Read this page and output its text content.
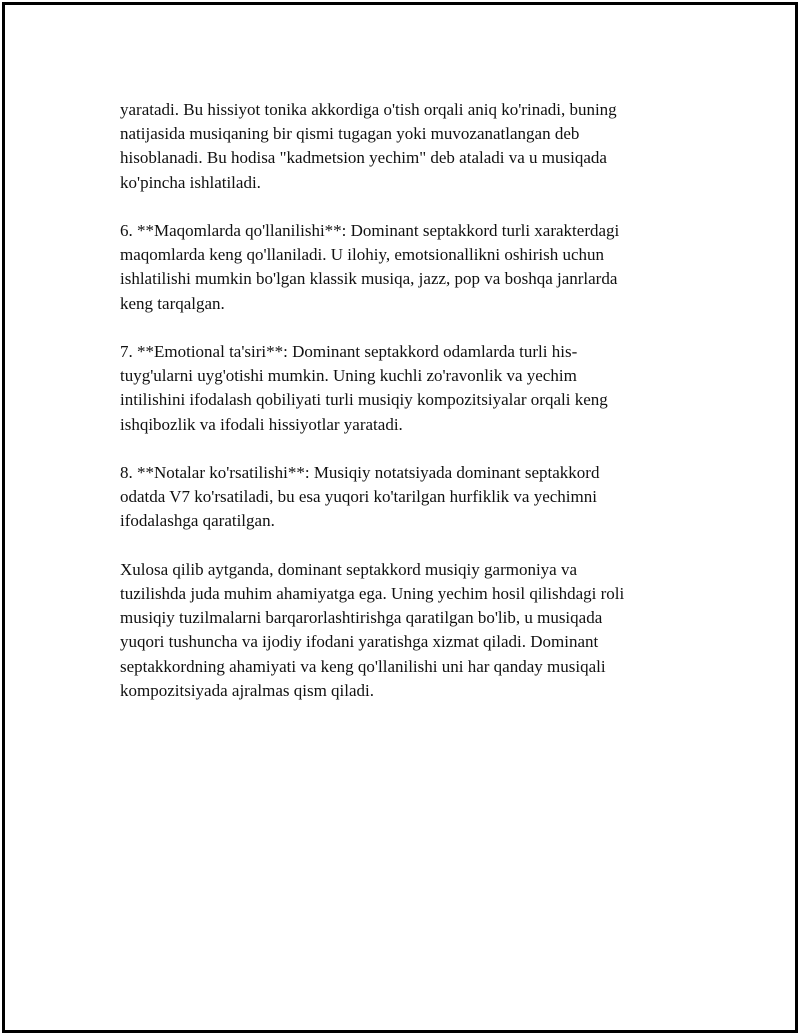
yaratadi. Bu hissiyot tonika akkordiga o'tish orqali aniq ko'rinadi, buning
natijasida musiqaning bir qismi tugagan yoki muvozanatlangan deb
hisoblanadi. Bu hodisa "kadmetsion yechim" deb ataladi va u musiqada
ko'pincha ishlatiladi.

6. **Maqomlarda qo'llanilishi**: Dominant septakkord turli xarakterdagi
maqomlarda keng qo'llaniladi. U ilohiy, emotsionallikni oshirish uchun
ishlatilishi mumkin bo'lgan klassik musiqa, jazz, pop va boshqa janrlarda
keng tarqalgan.

7. **Emotional ta'siri**: Dominant septakkord odamlarda turli his-
tuyg'ularni uyg'otishi mumkin. Uning kuchli zo'ravonlik va yechim
intilishini ifodalash qobiliyati turli musiqiy kompozitsiyalar orqali keng
ishqibozlik va ifodali hissiyotlar yaratadi.

8. **Notalar ko'rsatilishi**: Musiqiy notatsiyada dominant septakkord
odatda V7 ko'rsatiladi, bu esa yuqori ko'tarilgan hurfiklik va yechimni
ifodalashga qaratilgan.

Xulosa qilib aytganda, dominant septakkord musiqiy garmoniya va
tuzilishda juda muhim ahamiyatga ega. Uning yechim hosil qilishdagi roli
musiqiy tuzilmalarni barqarorlashtirishga qaratilgan bo'lib, u musiqada
yuqori tushuncha va ijodiy ifodani yaratishga xizmat qiladi. Dominant
septakkordning ahamiyati va keng qo'llanilishi uni har qanday musiqali
kompozitsiyada ajralmas qism qiladi.
